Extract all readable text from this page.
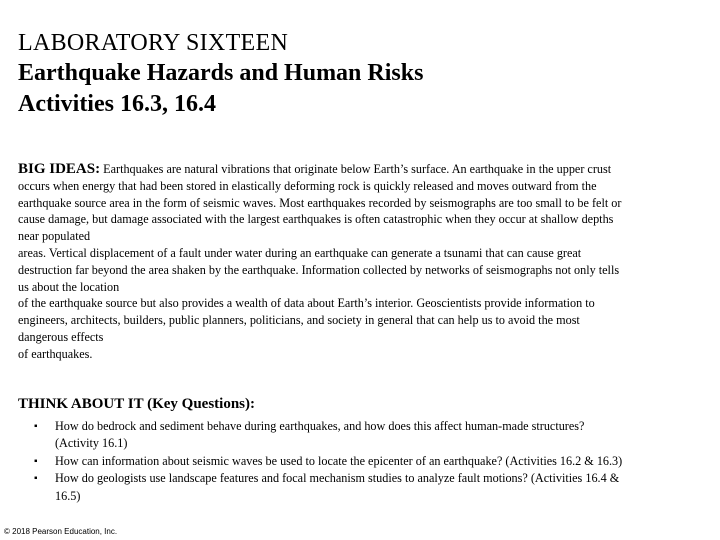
LABORATORY SIXTEEN
Earthquake Hazards and Human Risks
Activities 16.3, 16.4
BIG IDEAS: Earthquakes are natural vibrations that originate below Earth’s surface. An earthquake in the upper crust
occurs when energy that had been stored in elastically deforming rock is quickly released and moves outward from the
earthquake source area in the form of seismic waves. Most earthquakes recorded by seismographs are too small to be felt or
cause damage, but damage associated with the largest earthquakes is often catastrophic when they occur at shallow depths
near populated
areas. Vertical displacement of a fault under water during an earthquake can generate a tsunami that can cause great
destruction far beyond the area shaken by the earthquake. Information collected by networks of seismographs not only tells
us about the location
of the earthquake source but also provides a wealth of data about Earth’s interior. Geoscientists provide information to
engineers, architects, builders, public planners, politicians, and society in general that can help us to avoid the most
dangerous effects
of earthquakes.
THINK ABOUT IT (Key Questions):
▪ How do bedrock and sediment behave during earthquakes, and how does this affect human-made structures?
(Activity 16.1)
▪ How can information about seismic waves be used to locate the epicenter of an earthquake? (Activities 16.2 & 16.3)
▪ How do geologists use landscape features and focal mechanism studies to analyze fault motions? (Activities 16.4 &
16.5)
© 2018 Pearson Education, Inc.
